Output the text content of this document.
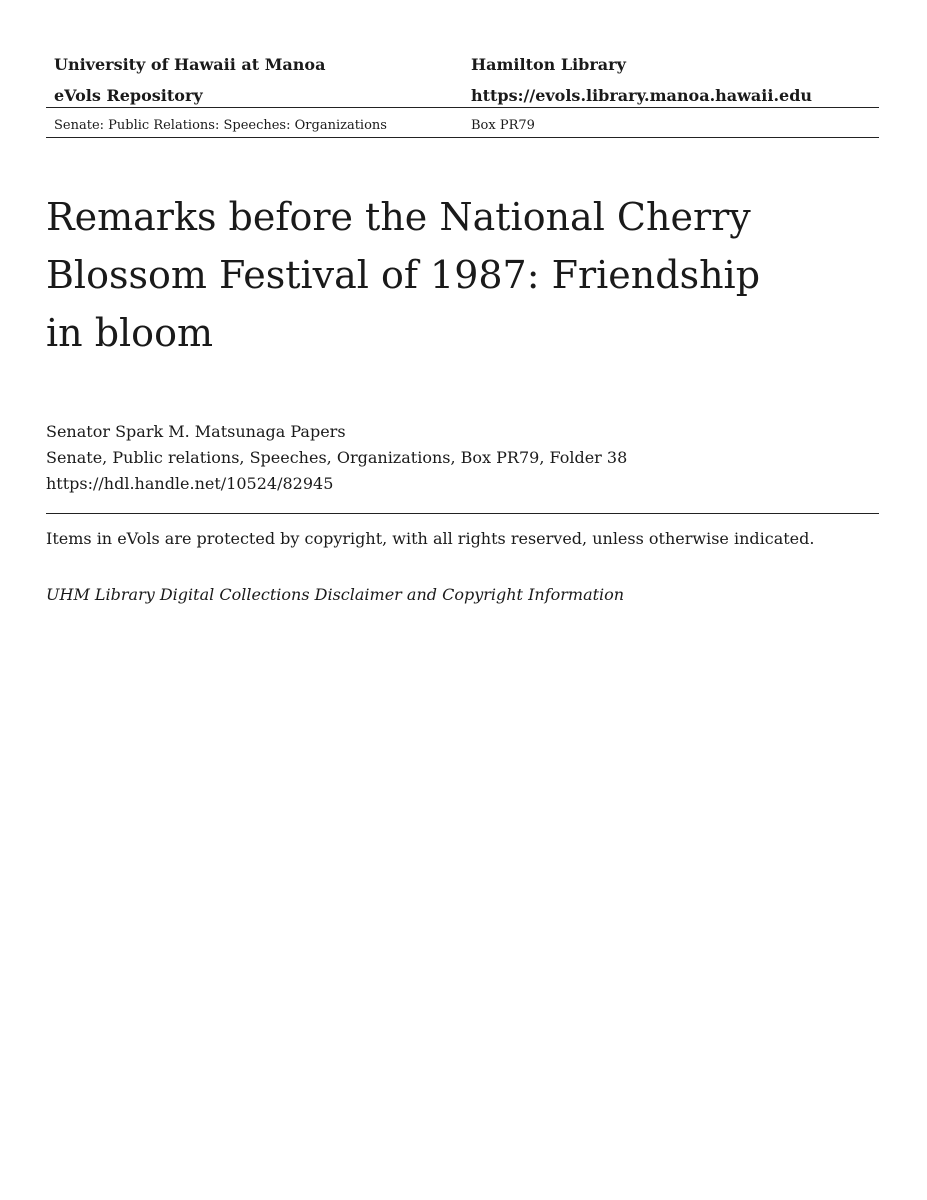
University of Hawaii at Manoa	Hamilton Library
eVols Repository	https://evols.library.manoa.hawaii.edu
Senate: Public Relations: Speeches: Organizations	Box PR79
Remarks before the National Cherry Blossom Festival of 1987: Friendship in bloom
Senator Spark M. Matsunaga Papers
Senate, Public relations, Speeches, Organizations, Box PR79, Folder 38
https://hdl.handle.net/10524/82945
Items in eVols are protected by copyright, with all rights reserved, unless otherwise indicated.
UHM Library Digital Collections Disclaimer and Copyright Information
